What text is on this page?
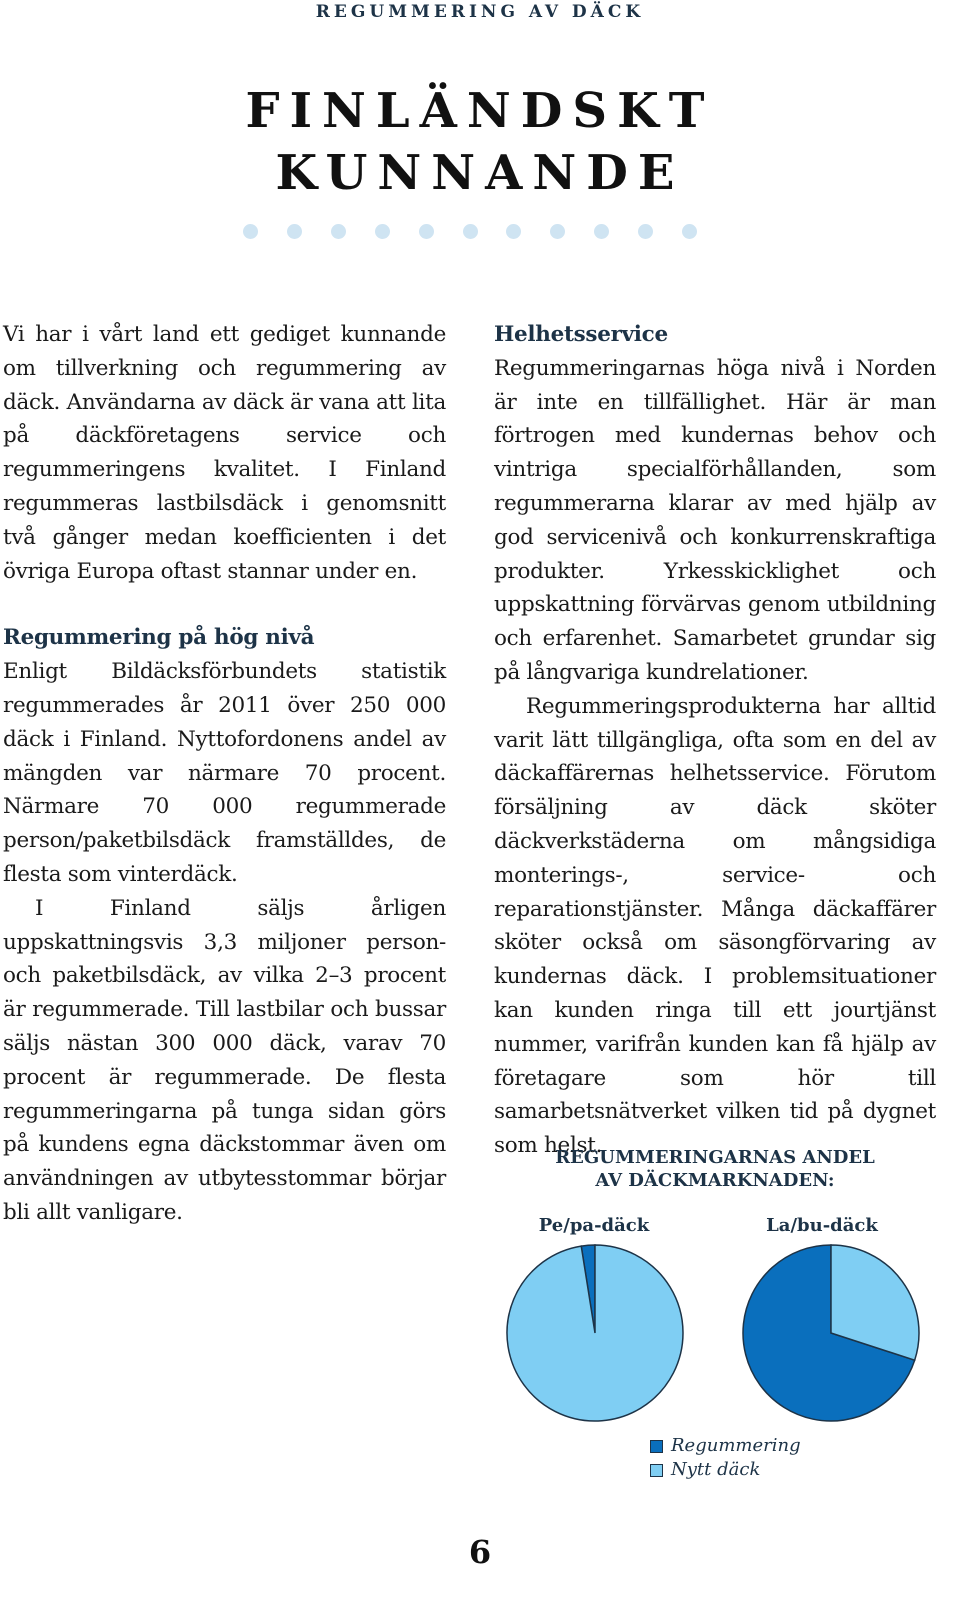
REGUMMERING AV DÄCK
FINLÄNDSKT
KUNNANDE

Vi har i vårt land ett gediget kunnande om tillverkning och regummering av däck. Användarna av däck är vana att lita på däckföretagens service och regummeringens kvalitet. I Finland regummeras lastbilsdäck i genomsnitt två gånger medan koefficienten i det övriga Europa oftast stannar under en.

Regummering på hög nivå

Enligt Bildäcksförbundets statistik regummerades år 2011 över 250 000 däck i Finland. Nyttofordonens andel av mängden var närmare 70 procent. Närmare 70 000 regummerade person/paketbilsdäck framställdes, de flesta som vinterdäck.

I Finland säljs årligen uppskattningsvis 3,3 miljoner person- och paketbilsdäck, av vilka 2–3 procent är regummerade. Till lastbilar och bussar säljs nästan 300 000 däck, varav 70 procent är regummerade. De flesta regummeringarna på tunga sidan görs på kundens egna däckstommar även om användningen av utbytesstommar börjar bli allt vanligare.

Helhetsservice

Regummeringarnas höga nivå i Norden är inte en tillfällighet. Här är man förtrogen med kundernas behov och vintriga specialförhållanden, som regummerarna klarar av med hjälp av god servicenivå och konkurrenskraftiga produkter. Yrkesskicklighet och uppskattning förvärvas genom utbildning och erfarenhet. Samarbetet grundar sig på långvariga kundrelationer.

Regummeringsprodukterna har alltid varit lätt tillgängliga, ofta som en del av däckaffärernas helhetsservice. Förutom försäljning av däck sköter däckverkstäderna om mångsidiga monterings-, service- och reparationstjänster. Många däckaffärer sköter också om säsongförvaring av kundernas däck. I problemsituationer kan kunden ringa till ett jourtjänst nummer, varifrån kunden kan få hjälp av företagare som hör till samarbetsnätverket vilken tid på dygnet som helst.

REGUMMERINGARNAS ANDEL
AV DÄCKMARKNADEN:
Pe/pa-däck	La/bu-däck
Regummering
Nytt däck
6
